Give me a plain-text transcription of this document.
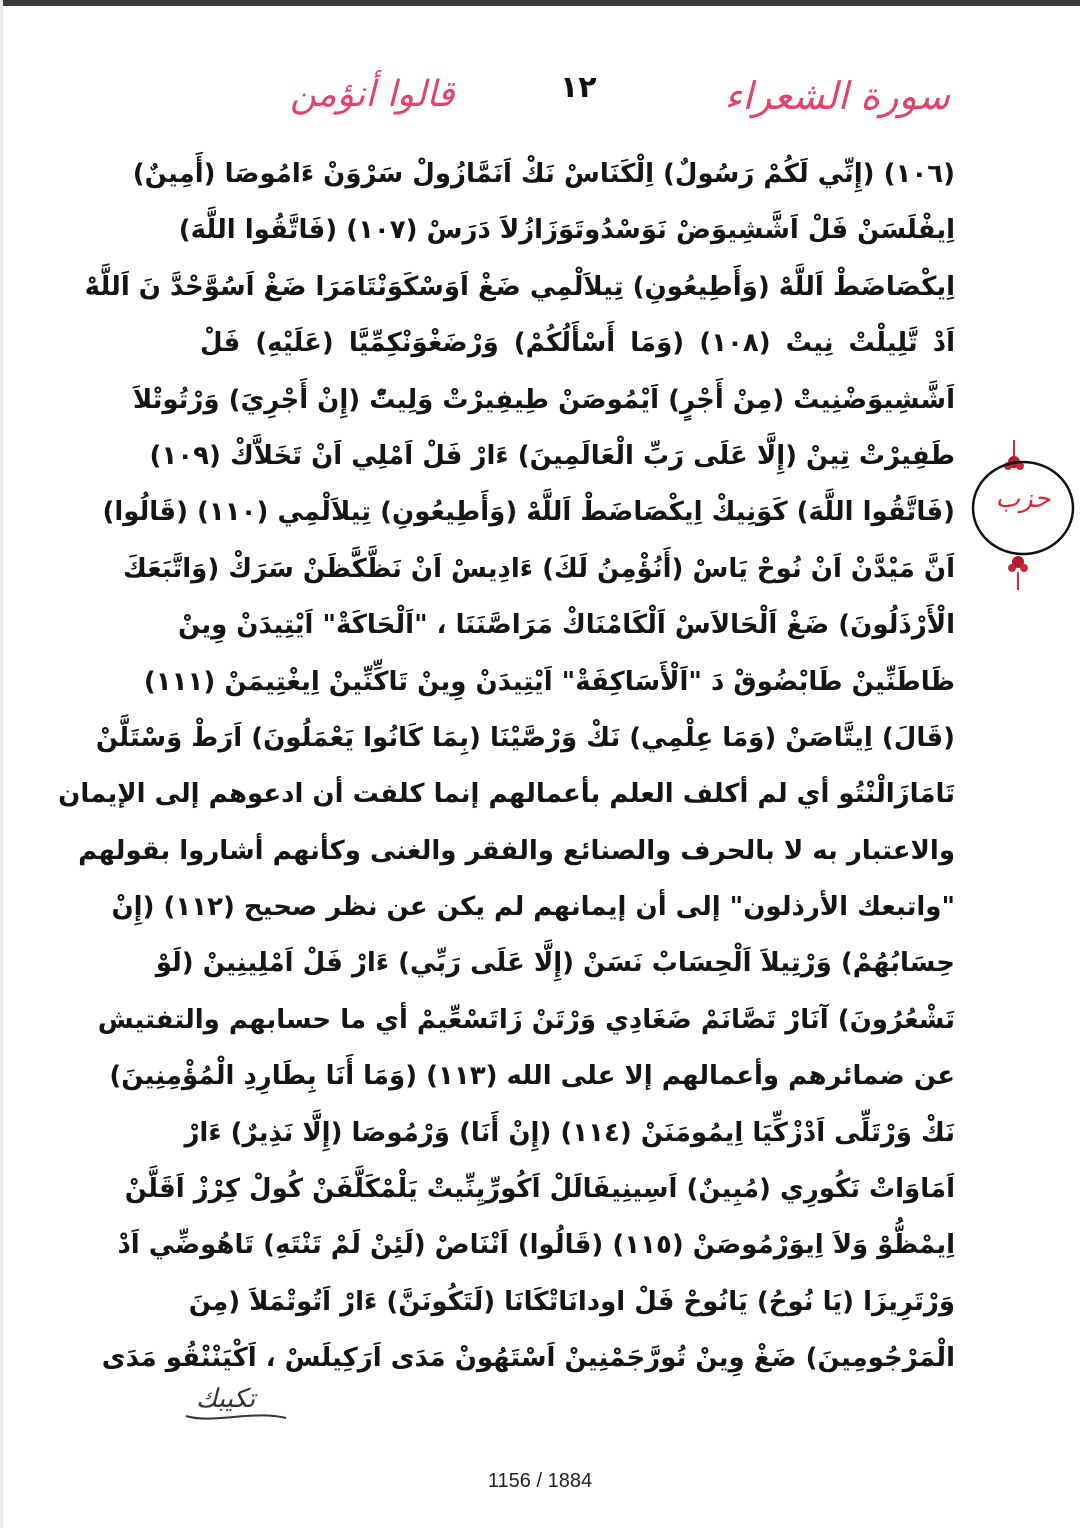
سورة الشعراء
١٢
قالوا أنؤمن
(١٠٦) (إِنِّي لَكُمْ رَسُولٌ) اِلْكَنَاسْ نَكْ اَنَمَّازُولْ سَرْوَنْ ءَامُوصَا (أَمِينٌ)
اِيفْلَسَنْ فَلْ اَشَّشِيوَضْ نَوَسْدُوتَوَزَازُلاَ دَرَسْ (١٠٧) (فَاتَّقُوا اللَّهَ)
اِيكْصَاضَطْ اَللَّهْ (وَأَطِيعُونِ) تِيلاَلْمِي ضَغْ اَوَسْكَوَنْتَامَرَا ضَغْ اَسُوَّحْدَّ نَ اَللَّهْ
اَدْ تَّلِيلْتْ نِيتْ (١٠٨) (وَمَا أَسْأَلُكُمْ) وَرْضَغْوَنْكِمِّيَّا (عَلَيْهِ) فَلْ
اَشَّشِيوَضْنِيتْ (مِنْ أَجْرٍ) اَيْمُوصَنْ طِيفِيرْتْ وَلِيتّْ (إِنْ أَجْرِيَ) وَرْتُوتْلاَ
طَفِيرْتْ تِينْ (إِلَّا عَلَى رَبِّ الْعَالَمِينَ) ءَارْ فَلْ اَمْلِي اَنْ تَخَلاَّكْ (١٠٩)
(فَاتَّقُوا اللَّهَ) كَوَنِيكْ اِيكْصَاضَطْ اَللَّهْ (وَأَطِيعُونِ) تِيلاَلْمِي (١١٠) (قَالُوا)
اَنَّ مَيْدَّنْ اَنْ نُوحْ يَاسْ (أَنُؤْمِنُ لَكَ) ءَادِيسْ اَنْ نَظَّكَّظَنْ سَرَكْ (وَاتَّبَعَكَ
الْأَرْذَلُونَ) ضَغْ اَلْحَالاَسْ اَلْكَامْنَاكْ مَرَاصَّنَنَا ، "اَلْحَاكَةْ" اَيْتِيدَنْ وِينْ
ظَاطَنِّينْ طَابْضُوقْ دَ "اَلْأَسَاكِفَةْ" اَيْتِيدَنْ وِينْ تَاكِّنِّينْ اِيغْتِيمَنْ (١١١)
(قَالَ) اِيتَّاصَنْ (وَمَا عِلْمِي) نَكْ وَرْصَّيْنَا (بِمَا كَانُوا يَعْمَلُونَ) اَرَطْ وَسْتَلَّنْ
تَامَازَالْنْتُو أي لم أكلف العلم بأعمالهم إنما كلفت أن ادعوهم إلى الإيمان
والاعتبار به لا بالحرف والصنائع والفقر والغنى وكأنهم أشاروا بقولهم
"واتبعك الأرذلون" إلى أن إيمانهم لم يكن عن نظر صحيح (١١٢) (إِنْ
حِسَابُهُمْ) وَرْتِيلاَ اَلْحِسَابْ نَسَنْ (إِلَّا عَلَى رَبِّي) ءَارْ فَلْ اَمْلِينِينْ (لَوْ
تَشْعُرُونَ) آنَارْ تَصَّانَمْ ضَغَادِي وَرْتَنْ زَاتَسْعِّيمْ أي ما حسابهم والتفتيش
عن ضمائرهم وأعمالهم إلا على الله (١١٣) (وَمَا أَنَا بِطَارِدِ الْمُؤْمِنِينَ)
نَكْ وَرْتَلِّى اَدْزْكِّيَا اِيمُومَنَنْ (١١٤) (إِنْ أَنَا) وَرْمُوصَا (إِلَّا نَذِيرٌ) ءَارْ
اَمَاوَاتْ نَكُورِي (مُبِينٌ) اَسِينِيفَالَلْ اَكُورِّيِنِّيتْ يَلْمْكَلَّفَنْ كُولْ كِرْزْ اَقَلَّنْ
اِيمْظُّوْ وَلاَ اِيوَرْمُوصَنْ (١١٥) (قَالُوا) اَنْنَاصْ (لَئِنْ لَمْ تَنْتَهِ) تَاهُوضِّي اَدْ
وَرْتَرِيزَا (يَا نُوحُ) يَانُوحْ فَلْ اودانَاتْكَانَا (لَتَكُونَنَّ) ءَارْ اَتُوتْمَلاَ (مِنَ
الْمَرْجُومِينَ) ضَغْ وِينْ تُورَّجَمْنِينْ اَسْتَهُونْ مَدَى اَرَكِيلَسْ ، اَكْيَنْنْقُو مَدَى
حزب
تكيبك
1156 / 1884
